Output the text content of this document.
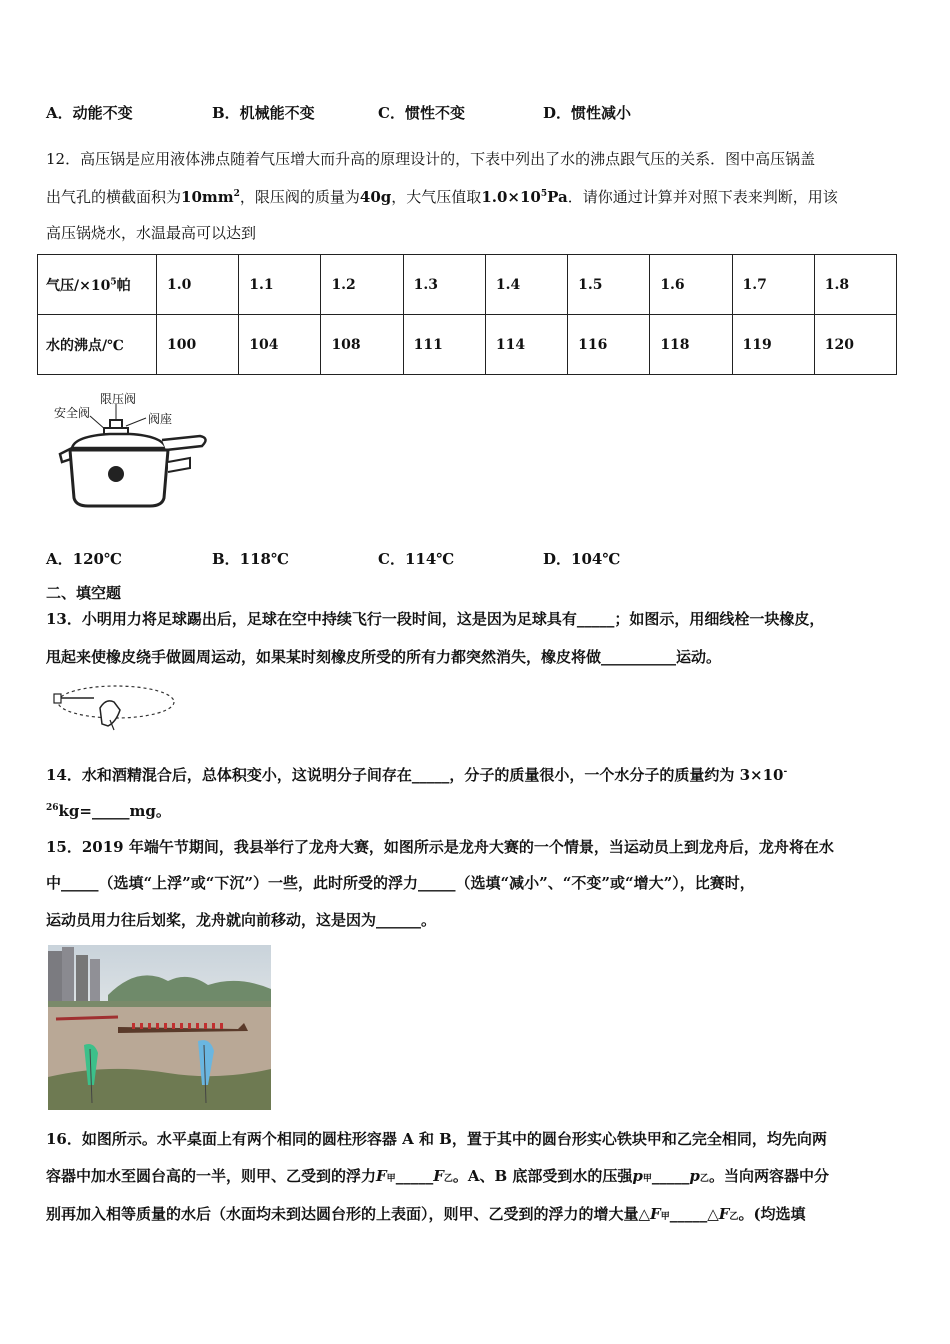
A．动能不变	B．机械能不变	C．惯性不变	D．惯性减小
12．高压锅是应用液体沸点随着气压增大而升高的原理设计的，下表中列出了水的沸点跟气压的关系．图中高压锅盖
出气孔的横截面积为$10mm^2$，限压阀的质量为40g，大气压值取$1.0\times 10^5Pa$．请你通过计算并对照下表来判断，用该
高压锅烧水，水温最高可以达到
气压$/\times 10^5$帕	1.0	1.1	1.2	1.3	1.4	1.5	1.6	1.7	1.8
水的沸点/℃	100	104	108	111	114	116	118	119	120
安全阀
限压阀
阀座
A．120℃	B．118℃	C．114℃	D．104℃
二、填空题
13．小明用力将足球踢出后，足球在空中持续飞行一段时间，这是因为足球具有_____；如图示，用细线栓一块橡皮，
甩起来使橡皮绕手做圆周运动，如果某时刻橡皮所受的所有力都突然消失，橡皮将做__________运动。
14．水和酒精混合后，总体积变小，这说明分子间存在_____，分子的质量很小，一个水分子的质量约为 3×10-
$^{26}$kg=_____mg。
15．2019 年端午节期间，我县举行了龙舟大赛，如图所示是龙舟大赛的一个情景，当运动员上到龙舟后，龙舟将在水
中_____（选填“上浮”或“下沉”）一些，此时所受的浮力_____（选填“减小”、“不变”或“增大”），比赛时，
运动员用力往后划桨，龙舟就向前移动，这是因为______。
16．如图所示。水平桌面上有两个相同的圆柱形容器 A 和 B，置于其中的圆台形实心铁块甲和乙完全相同，均先向两
容器中加水至圆台高的一半，则甲、乙受到的浮力F甲_____F乙。A、B 底部受到水的压强p甲_____p乙。当向两容器中分
别再加入相等质量的水后（水面均未到达圆台形的上表面），则甲、乙受到的浮力的增大量△F甲_____△F乙。(均选填
